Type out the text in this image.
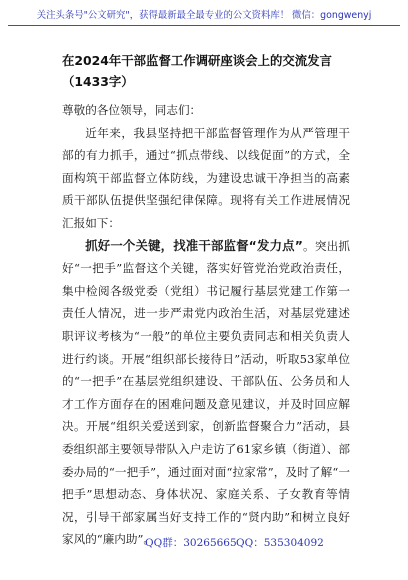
关注头条号"公文研究"，获得最新最全最专业的公文资料库！ 微信：gongwenyj
在2024年干部监督工作调研座谈会上的交流发言（1433字）

尊敬的各位领导，同志们：

近年来，我县坚持把干部监督管理作为从严管理干部的有力抓手，通过“抓点带线、以线促面”的方式，全面构筑干部监督立体防线，为建设忠诚干净担当的高素质干部队伍提供坚强纪律保障。现将有关工作进展情况汇报如下：

抓好一个关键，找准干部监督“发力点”。突出抓好“一把手”监督这个关键，落实好管党治党政治责任，集中检阅各级党委（党组）书记履行基层党建工作第一责任人情况，进一步严肃党内政治生活，对基层党建述职评议考核为“一般”的单位主要负责同志和相关负责人进行约谈。开展“组织部长接待日”活动，听取53家单位的“一把手”在基层党组织建设、干部队伍、公务员和人才工作方面存在的困难问题及意见建议，并及时回应解决。开展“组织关爱送到家，创新监督聚合力”活动，县委组织部主要领导带队入户走访了61家乡镇（街道）、部委办局的“一把手”，通过面对面“拉家常”，及时了解“一把手”思想动态、身体状况、家庭关系、子女教育等情况，引导干部家属当好支持工作的“贤内助”和树立良好家风的“廉内助”。

QQ群：30265665 QQ：535304092
